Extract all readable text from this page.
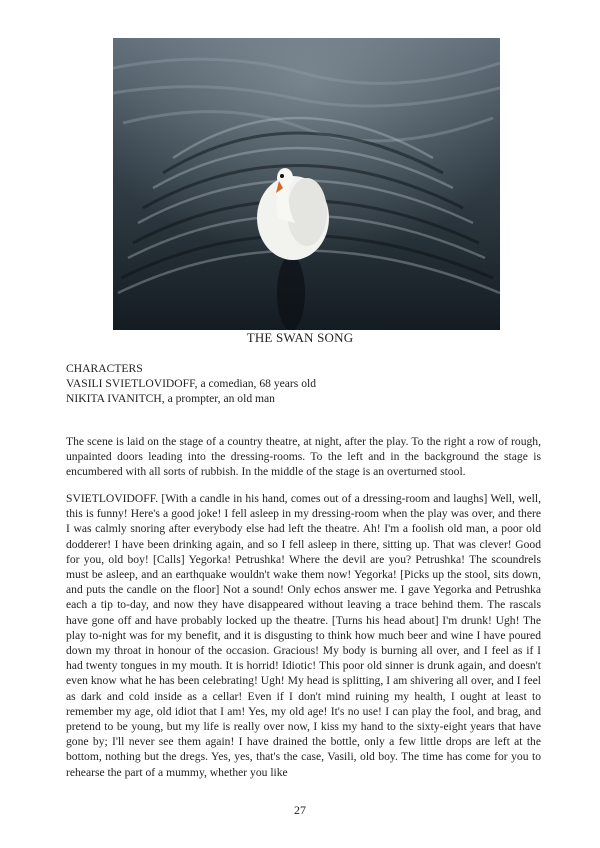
THE SWAN SONG
CHARACTERS
VASILI SVIETLOVIDOFF, a comedian, 68 years old
NIKITA IVANITCH, a prompter, an old man
The scene is laid on the stage of a country theatre, at night, after the play. To the right a row of rough, unpainted doors leading into the dressing-rooms. To the left and in the background the stage is encumbered with all sorts of rubbish. In the middle of the stage is an overturned stool.
SVIETLOVIDOFF. [With a candle in his hand, comes out of a dressing-room and laughs] Well, well, this is funny! Here's a good joke! I fell asleep in my dressing-room when the play was over, and there I was calmly snoring after everybody else had left the theatre. Ah! I'm a foolish old man, a poor old dodderer! I have been drinking again, and so I fell asleep in there, sitting up. That was clever! Good for you, old boy! [Calls] Yegorka! Petrushka! Where the devil are you? Petrushka! The scoundrels must be asleep, and an earthquake wouldn't wake them now! Yegorka! [Picks up the stool, sits down, and puts the candle on the floor] Not a sound! Only echos answer me. I gave Yegorka and Petrushka each a tip to-day, and now they have disappeared without leaving a trace behind them. The rascals have gone off and have probably locked up the theatre. [Turns his head about] I'm drunk! Ugh! The play to-night was for my benefit, and it is disgusting to think how much beer and wine I have poured down my throat in honour of the occasion. Gracious! My body is burning all over, and I feel as if I had twenty tongues in my mouth. It is horrid! Idiotic! This poor old sinner is drunk again, and doesn't even know what he has been celebrating! Ugh! My head is splitting, I am shivering all over, and I feel as dark and cold inside as a cellar! Even if I don't mind ruining my health, I ought at least to remember my age, old idiot that I am! Yes, my old age! It's no use! I can play the fool, and brag, and pretend to be young, but my life is really over now, I kiss my hand to the sixty-eight years that have gone by; I'll never see them again! I have drained the bottle, only a few little drops are left at the bottom, nothing but the dregs. Yes, yes, that's the case, Vasili, old boy. The time has come for you to rehearse the part of a mummy, whether you like
27
